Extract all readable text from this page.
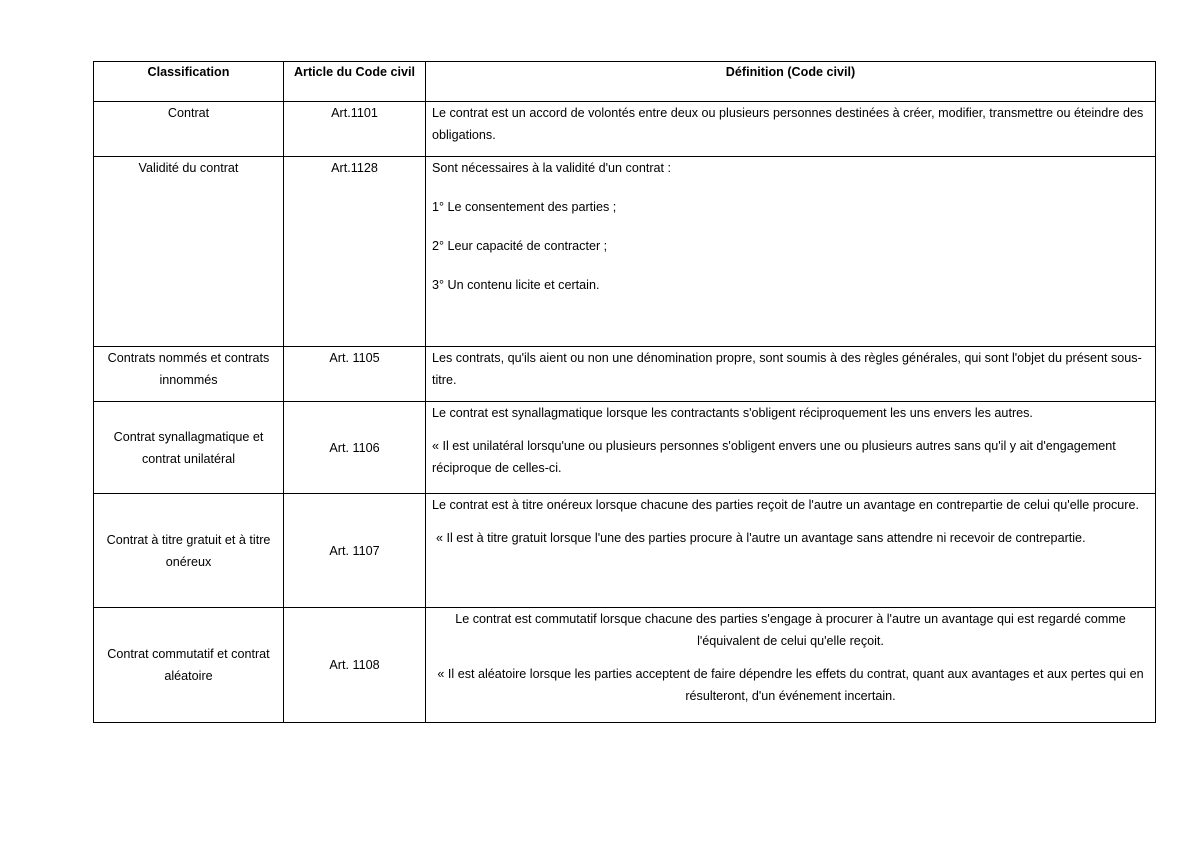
Classification	Article du Code civil	Définition (Code civil)
Contrat	Art.1101	Le contrat est un accord de volontés entre deux ou plusieurs personnes destinées à créer, modifier, transmettre ou éteindre des obligations.

Validité du contrat	Art.1128	Sont nécessaires à la validité d'un contrat :

1° Le consentement des parties ;

2° Leur capacité de contracter ;

3° Un contenu licite et certain.

Contrats nommés et contrats innommés	Art. 1105	Les contrats, qu'ils aient ou non une dénomination propre, sont soumis à des règles générales, qui sont l'objet du présent sous-titre.

Contrat synallagmatique et contrat unilatéral	Art. 1106	Le contrat est synallagmatique lorsque les contractants s'obligent réciproquement les uns envers les autres.

« Il est unilatéral lorsqu'une ou plusieurs personnes s'obligent envers une ou plusieurs autres sans qu'il y ait d'engagement réciproque de celles-ci.

Contrat à titre gratuit et à titre onéreux	Art. 1107	Le contrat est à titre onéreux lorsque chacune des parties reçoit de l'autre un avantage en contrepartie de celui qu'elle procure.

« Il est à titre gratuit lorsque l'une des parties procure à l'autre un avantage sans attendre ni recevoir de contrepartie.

Contrat commutatif et contrat aléatoire	Art. 1108	Le contrat est commutatif lorsque chacune des parties s'engage à procurer à l'autre un avantage qui est regardé comme l'équivalent de celui qu'elle reçoit.

« Il est aléatoire lorsque les parties acceptent de faire dépendre les effets du contrat, quant aux avantages et aux pertes qui en résulteront, d'un événement incertain.
